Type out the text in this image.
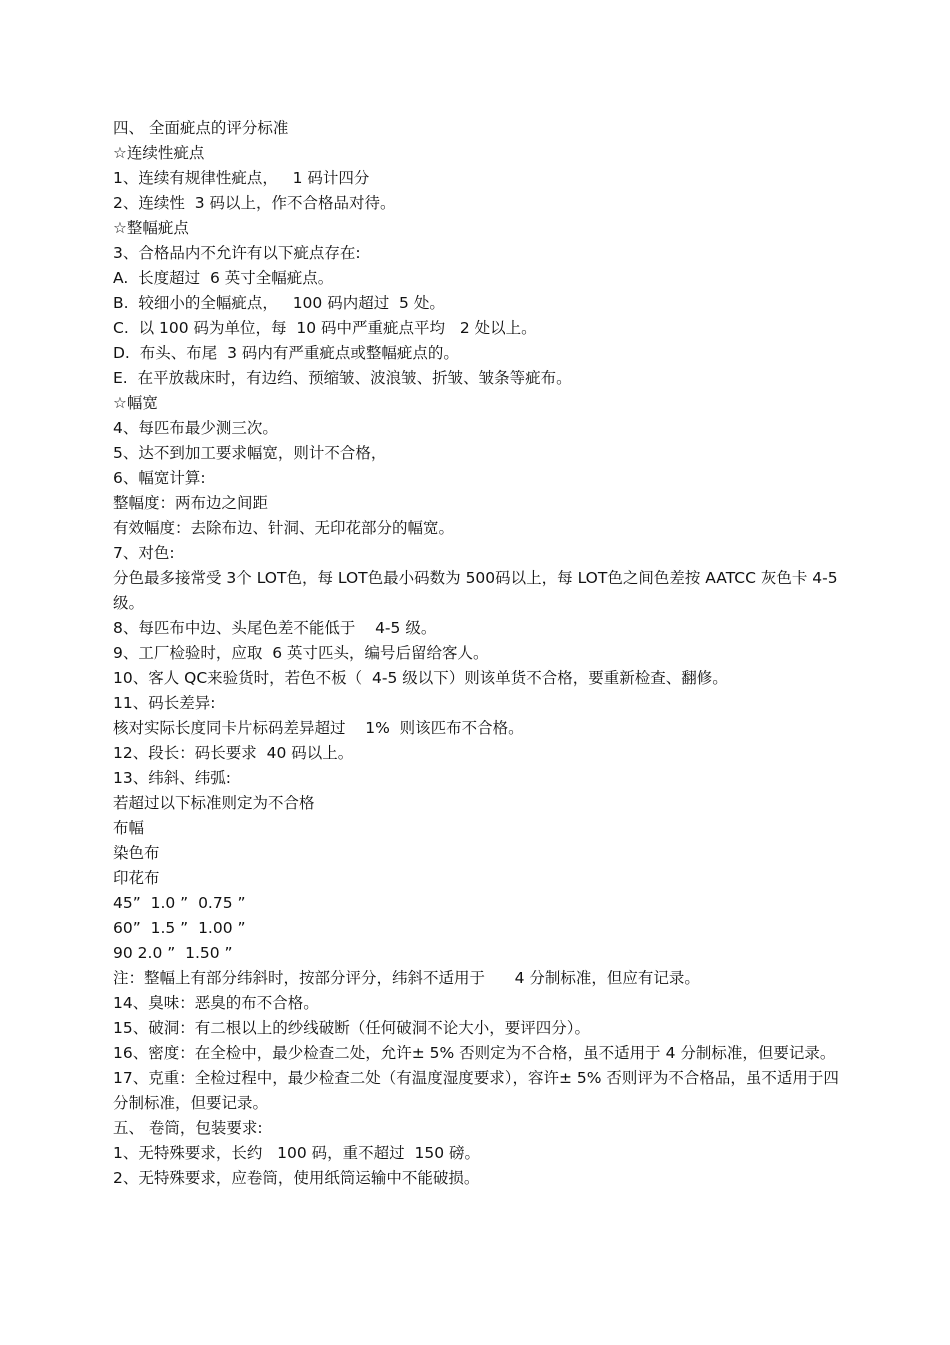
四、 全面疵点的评分标准
☆连续性疵点
1、连续有规律性疵点，   1 码计四分
2、连续性  3 码以上，作不合格品对待。
☆整幅疵点
3、合格品内不允许有以下疵点存在:
A.  长度超过  6 英寸全幅疵点。
B.  较细小的全幅疵点，   100 码内超过  5 处。
C.  以 100 码为单位，每  10 码中严重疵点平均   2 处以上。
D.  布头、布尾  3 码内有严重疵点或整幅疵点的。
E.  在平放裁床时，有边绉、预缩皱、波浪皱、折皱、皱条等疵布。
☆幅宽
4、每匹布最少测三次。
5、达不到加工要求幅宽，则计不合格，
6、幅宽计算:
整幅度：两布边之间距
有效幅度：去除布边、针洞、无印花部分的幅宽。
7、对色:
分色最多接常受 3个 LOT色，每 LOT色最小码数为 500码以上，每 LOT色之间色差按 AATCC 灰色卡 4-5 级。
8、每匹布中边、头尾色差不能低于    4-5 级。
9、工厂检验时，应取  6 英寸匹头，编号后留给客人。
10、客人 QC来验货时，若色不板（  4-5 级以下）则该单货不合格，要重新检查、翻修。
11、码长差异:
核对实际长度同卡片标码差异超过    1%  则该匹布不合格。
12、段长：码长要求  40 码以上。
13、纬斜、纬弧:
若超过以下标准则定为不合格
布幅
染色布
印花布
45”  1.0 ”  0.75 ”
60”  1.5 ”  1.00 ”
90 2.0 ”  1.50 ”
注：整幅上有部分纬斜时，按部分评分，纬斜不适用于      4 分制标准，但应有记录。
14、臭味：恶臭的布不合格。
15、破洞：有二根以上的纱线破断（任何破洞不论大小，要评四分）。
16、密度：在全检中，最少检查二处，允许± 5% 否则定为不合格，虽不适用于 4 分制标准，但要记录。
17、克重：全检过程中，最少检查二处（有温度湿度要求），容许± 5% 否则评为不合格品，虽不适用于四分制标准，但要记录。
五、 卷筒，包装要求:
1、无特殊要求，长约   100 码，重不超过  150 磅。
2、无特殊要求，应卷筒，使用纸筒运输中不能破损。
